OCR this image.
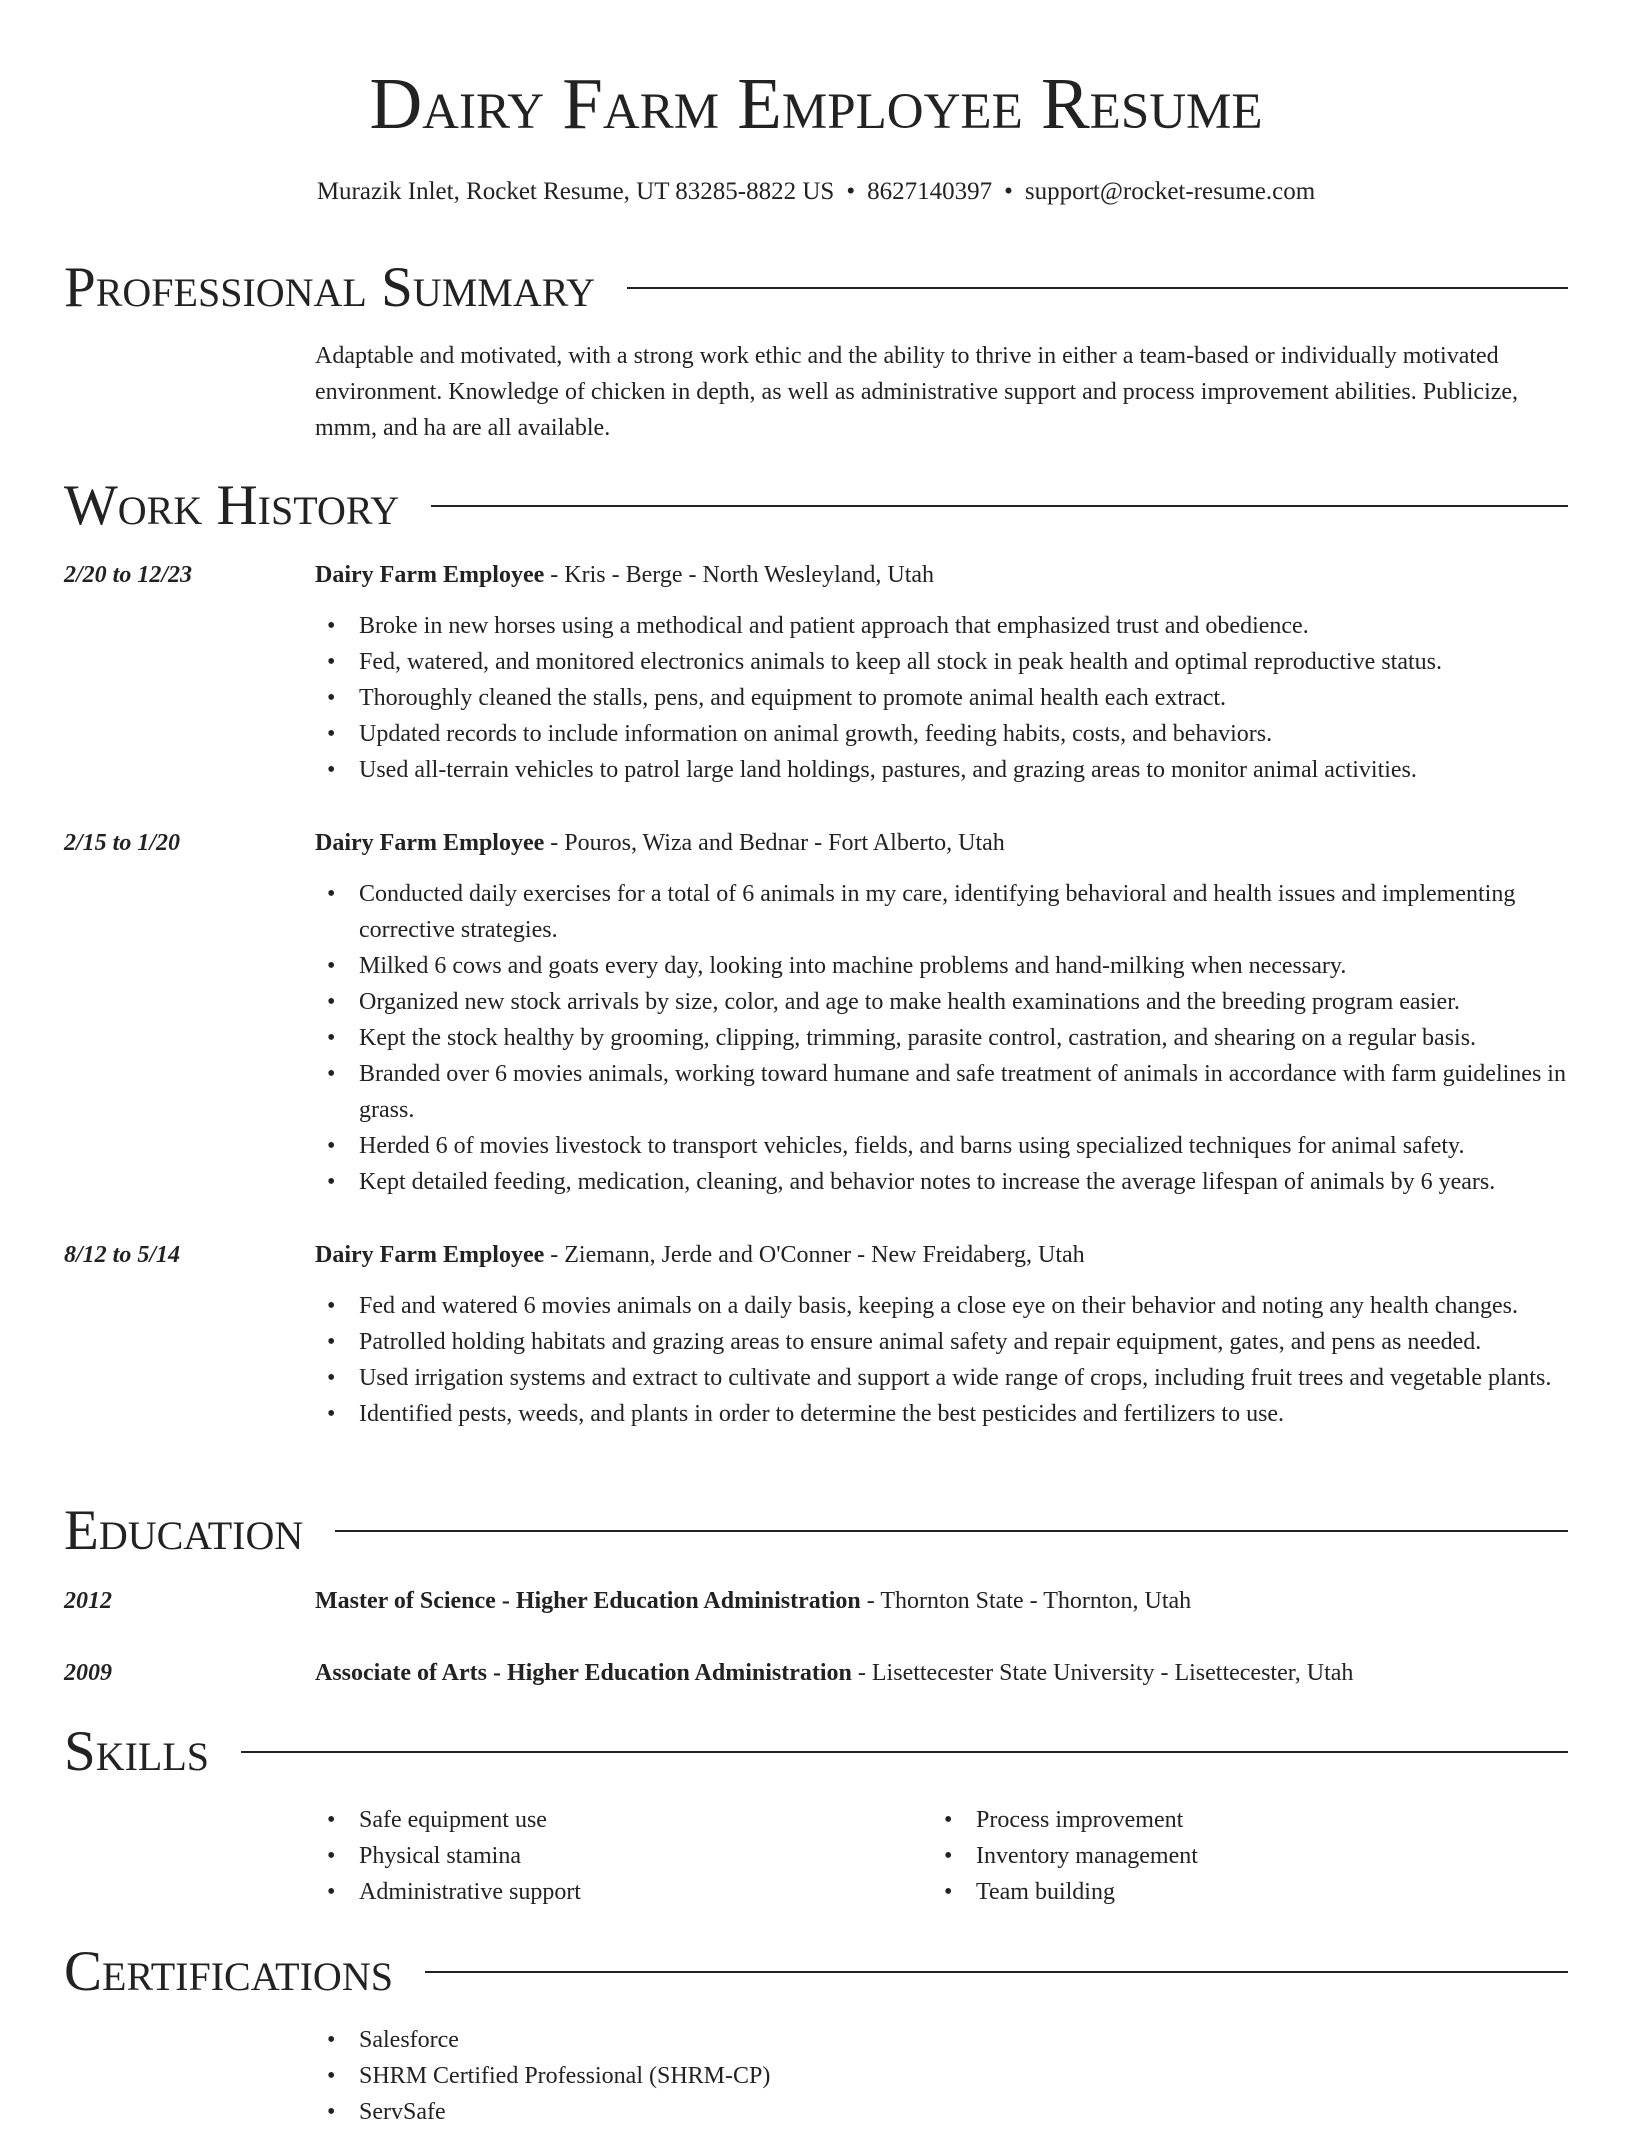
Dairy Farm Employee Resume
Murazik Inlet, Rocket Resume, UT 83285-8822 US • 8627140397 • support@rocket-resume.com
Professional Summary

Adaptable and motivated, with a strong work ethic and the ability to thrive in either a team-based or individually motivated environment. Knowledge of chicken in depth, as well as administrative support and process improvement abilities. Publicize, mmm, and ha are all available.

Work History
2/20 to 12/23	Dairy Farm Employee - Kris - Berge - North Wesleyland, Utah

• Broke in new horses using a methodical and patient approach that emphasized trust and obedience.
• Fed, watered, and monitored electronics animals to keep all stock in peak health and optimal reproductive status.
• Thoroughly cleaned the stalls, pens, and equipment to promote animal health each extract.
• Updated records to include information on animal growth, feeding habits, costs, and behaviors.
• Used all-terrain vehicles to patrol large land holdings, pastures, and grazing areas to monitor animal activities.
2/15 to 1/20	Dairy Farm Employee - Pouros, Wiza and Bednar - Fort Alberto, Utah

• Conducted daily exercises for a total of 6 animals in my care, identifying behavioral and health issues and implementing corrective strategies.
• Milked 6 cows and goats every day, looking into machine problems and hand-milking when necessary.
• Organized new stock arrivals by size, color, and age to make health examinations and the breeding program easier.
• Kept the stock healthy by grooming, clipping, trimming, parasite control, castration, and shearing on a regular basis.
• Branded over 6 movies animals, working toward humane and safe treatment of animals in accordance with farm guidelines in grass.
• Herded 6 of movies livestock to transport vehicles, fields, and barns using specialized techniques for animal safety.
• Kept detailed feeding, medication, cleaning, and behavior notes to increase the average lifespan of animals by 6 years.
8/12 to 5/14	Dairy Farm Employee - Ziemann, Jerde and O'Conner - New Freidaberg, Utah

• Fed and watered 6 movies animals on a daily basis, keeping a close eye on their behavior and noting any health changes.
• Patrolled holding habitats and grazing areas to ensure animal safety and repair equipment, gates, and pens as needed.
• Used irrigation systems and extract to cultivate and support a wide range of crops, including fruit trees and vegetable plants.
• Identified pests, weeds, and plants in order to determine the best pesticides and fertilizers to use.
Education
2012	Master of Science - Higher Education Administration - Thornton State - Thornton, Utah
2009	Associate of Arts - Higher Education Administration - Lisettecester State University - Lisettecester, Utah
Skills
• Safe equipment use
• Physical stamina
• Administrative support
• Process improvement
• Inventory management
• Team building
Certifications
• Salesforce
• SHRM Certified Professional (SHRM-CP)
• ServSafe
